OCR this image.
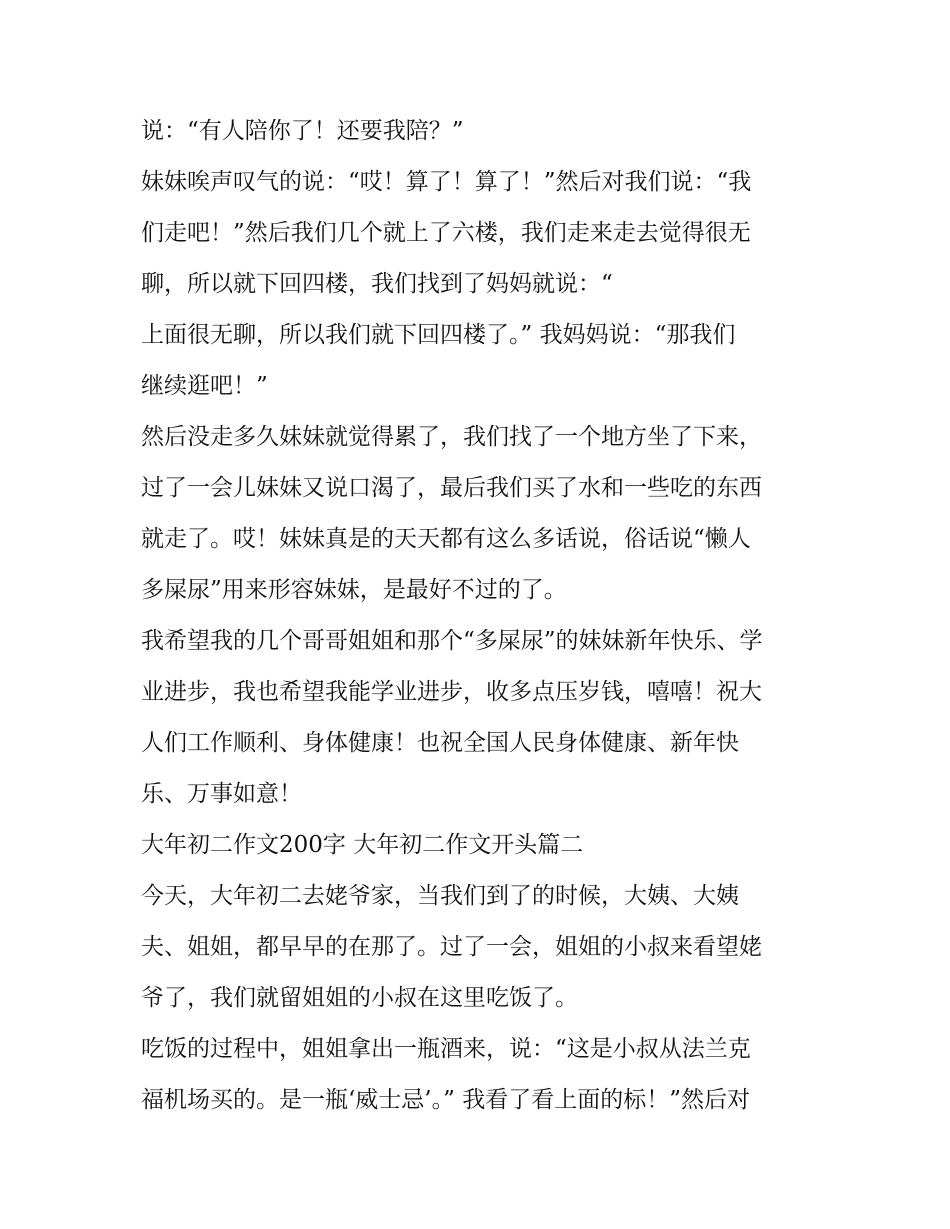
说：“有人陪你了！还要我陪？”
妹妹唉声叹气的说：“哎！算了！算了！”然后对我们说：“我
们走吧！”然后我们几个就上了六楼，我们走来走去觉得很无
聊，所以就下回四楼，我们找到了妈妈就说：“
上面很无聊，所以我们就下回四楼了。” 我妈妈说：“那我们
继续逛吧！”
然后没走多久妹妹就觉得累了，我们找了一个地方坐了下来，
过了一会儿妹妹又说口渴了，最后我们买了水和一些吃的东西
就走了。哎！妹妹真是的天天都有这么多话说，俗话说“懒人
多屎尿”用来形容妹妹，是最好不过的了。
我希望我的几个哥哥姐姐和那个“多屎尿”的妹妹新年快乐、学
业进步，我也希望我能学业进步，收多点压岁钱，嘻嘻！祝大
人们工作顺利、身体健康！也祝全国人民身体健康、新年快
乐、万事如意！
大年初二作文200字 大年初二作文开头篇二
今天，大年初二去姥爷家，当我们到了的时候，大姨、大姨
夫、姐姐，都早早的在那了。过了一会，姐姐的小叔来看望姥
爷了，我们就留姐姐的小叔在这里吃饭了。
吃饭的过程中，姐姐拿出一瓶酒来，说：“这是小叔从法兰克
福机场买的。是一瓶‘威士忌’。” 我看了看上面的标！”然后对
